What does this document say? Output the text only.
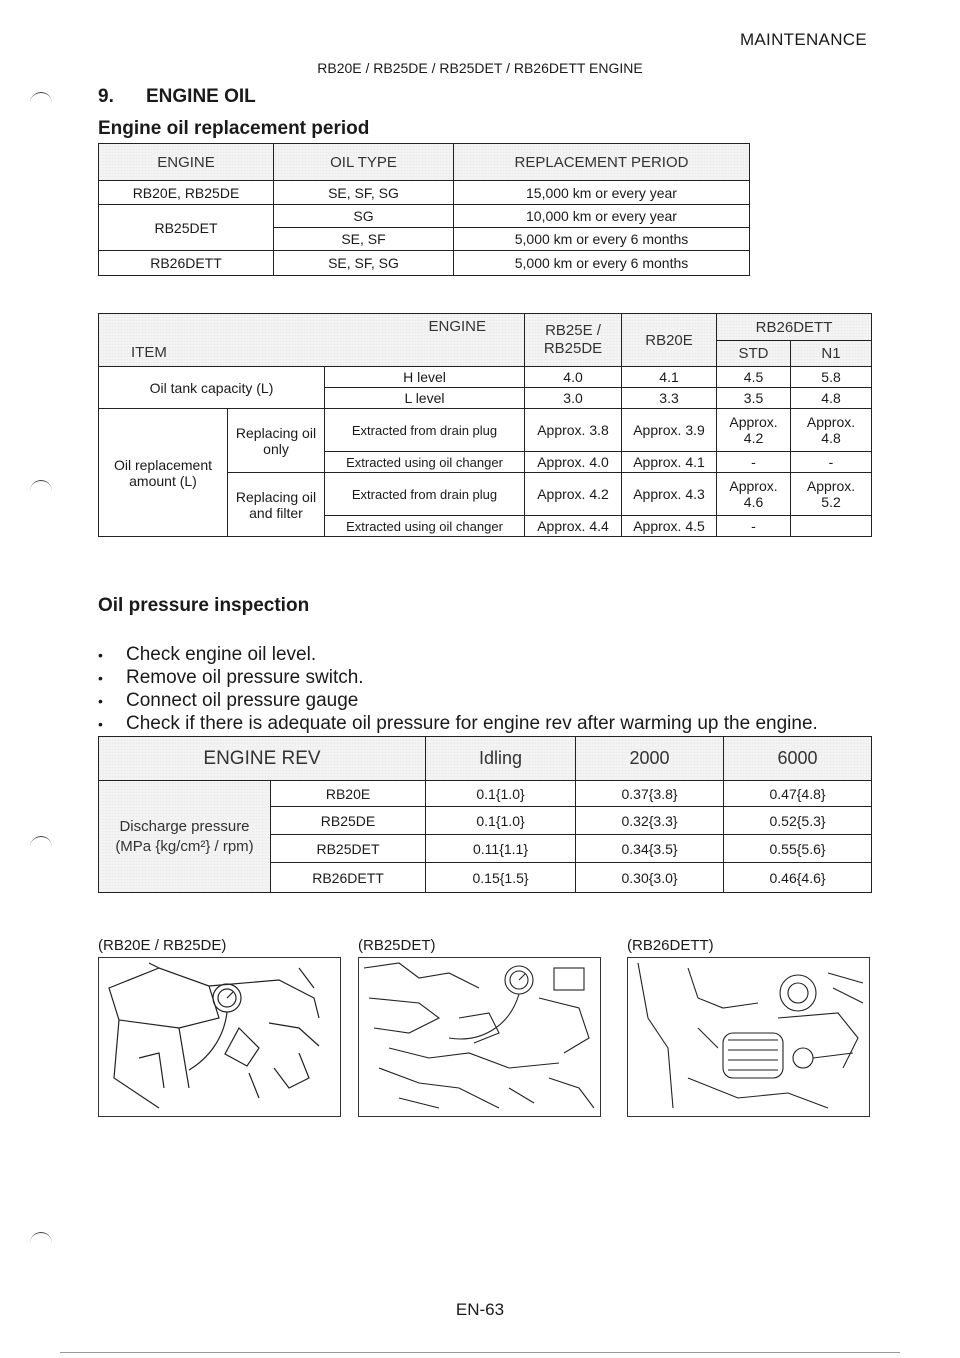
MAINTENANCE
RB20E / RB25DE / RB25DET / RB26DETT ENGINE
9. ENGINE OIL
Engine oil replacement period
ENGINE	OIL TYPE	REPLACEMENT PERIOD
RB20E, RB25DE	SE, SF, SG	15,000 km or every year
RB25DET	SG	10,000 km or every year
	SE, SF	5,000 km or every 6 months
RB26DETT	SE, SF, SG	5,000 km or every 6 months
ENGINE
ITEM			RB25E / RB25DE	RB20E	RB26DETT	
					STD	N1
Oil tank capacity (L)		H level	4.0	4.1	4.5	5.8
		L level	3.0	3.3	3.5	4.8
Oil replacement amount (L)	Replacing oil only	Extracted from drain plug	Approx. 3.8	Approx. 3.9	Approx. 4.2	Approx. 4.8
		Extracted using oil changer	Approx. 4.0	Approx. 4.1	-	-
	Replacing oil and filter	Extracted from drain plug	Approx. 4.2	Approx. 4.3	Approx. 4.6	Approx. 5.2
		Extracted using oil changer	Approx. 4.4	Approx. 4.5	-	
Oil pressure inspection
• Check engine oil level.
• Remove oil pressure switch.
• Connect oil pressure gauge
• Check if there is adequate oil pressure for engine rev after warming up the engine.
ENGINE REV		Idling	2000	6000
Discharge pressure (MPa {kg/cm²} / rpm)	RB20E	0.1{1.0}	0.37{3.8}	0.47{4.8}
	RB25DE	0.1{1.0}	0.32{3.3}	0.52{5.3}
	RB25DET	0.11{1.1}	0.34{3.5}	0.55{5.6}
	RB26DETT	0.15{1.5}	0.30{3.0}	0.46{4.6}
(RB20E / RB25DE)	(RB25DET)	(RB26DETT)
EN-63
